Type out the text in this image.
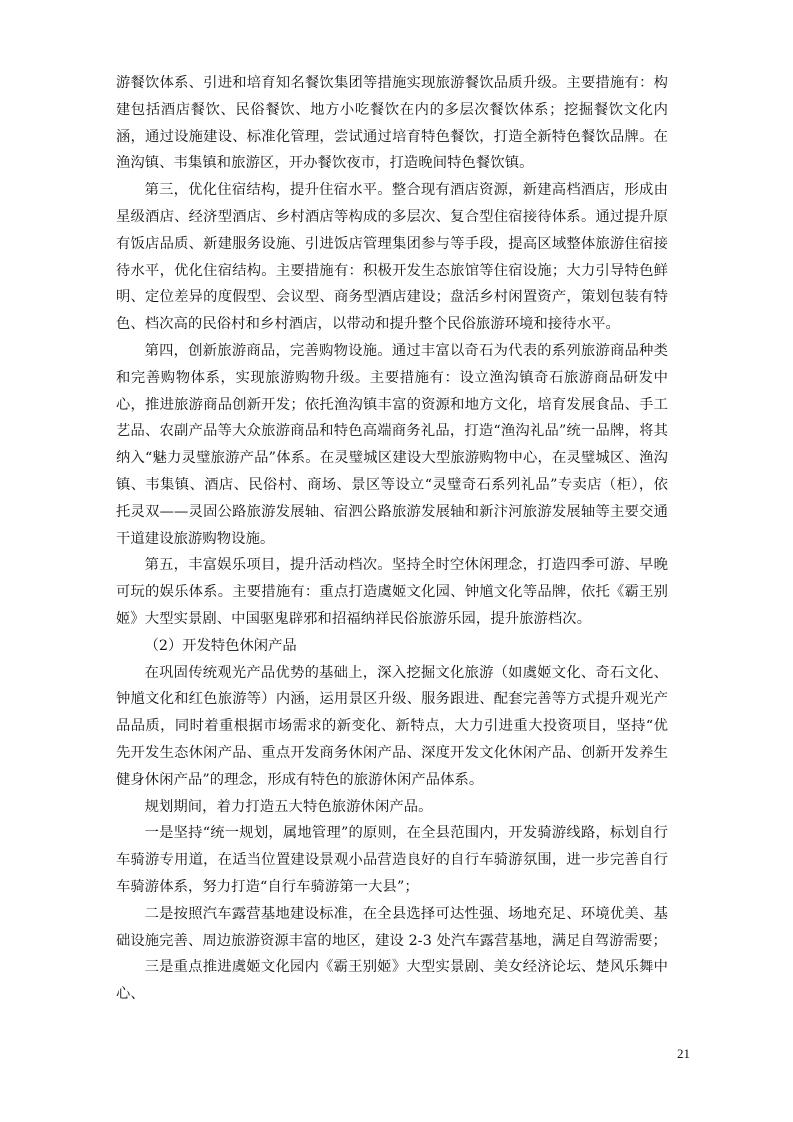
游餐饮体系、引进和培育知名餐饮集团等措施实现旅游餐饮品质升级。主要措施有：构建包括酒店餐饮、民俗餐饮、地方小吃餐饮在内的多层次餐饮体系；挖掘餐饮文化内涵，通过设施建设、标准化管理，尝试通过培育特色餐饮，打造全新特色餐饮品牌。在渔沟镇、韦集镇和旅游区，开办餐饮夜市，打造晚间特色餐饮镇。

第三，优化住宿结构，提升住宿水平。整合现有酒店资源，新建高档酒店，形成由星级酒店、经济型酒店、乡村酒店等构成的多层次、复合型住宿接待体系。通过提升原有饭店品质、新建服务设施、引进饭店管理集团参与等手段，提高区域整体旅游住宿接待水平，优化住宿结构。主要措施有：积极开发生态旅馆等住宿设施；大力引导特色鲜明、定位差异的度假型、会议型、商务型酒店建设；盘活乡村闲置资产，策划包装有特色、档次高的民俗村和乡村酒店，以带动和提升整个民俗旅游环境和接待水平。

第四，创新旅游商品，完善购物设施。通过丰富以奇石为代表的系列旅游商品种类和完善购物体系，实现旅游购物升级。主要措施有：设立渔沟镇奇石旅游商品研发中心，推进旅游商品创新开发；依托渔沟镇丰富的资源和地方文化，培育发展食品、手工艺品、农副产品等大众旅游商品和特色高端商务礼品，打造“渔沟礼品”统一品牌，将其纳入“魅力灵璧旅游产品”体系。在灵璧城区建设大型旅游购物中心，在灵璧城区、渔沟镇、韦集镇、酒店、民俗村、商场、景区等设立“灵璧奇石系列礼品”专卖店（柜），依托灵双——灵固公路旅游发展轴、宿泗公路旅游发展轴和新汴河旅游发展轴等主要交通干道建设旅游购物设施。

第五，丰富娱乐项目，提升活动档次。坚持全时空休闲理念，打造四季可游、早晚可玩的娱乐体系。主要措施有：重点打造虞姬文化园、钟馗文化等品牌，依托《霸王别姬》大型实景剧、中国驱鬼辟邪和招福纳祥民俗旅游乐园，提升旅游档次。

（2）开发特色休闲产品

在巩固传统观光产品优势的基础上，深入挖掘文化旅游（如虞姬文化、奇石文化、钟馗文化和红色旅游等）内涵，运用景区升级、服务跟进、配套完善等方式提升观光产品品质，同时着重根据市场需求的新变化、新特点，大力引进重大投资项目，坚持“优先开发生态休闲产品、重点开发商务休闲产品、深度开发文化休闲产品、创新开发养生健身休闲产品”的理念，形成有特色的旅游休闲产品体系。

规划期间，着力打造五大特色旅游休闲产品。

一是坚持“统一规划，属地管理”的原则，在全县范围内，开发骑游线路，标划自行车骑游专用道，在适当位置建设景观小品营造良好的自行车骑游氛围，进一步完善自行车骑游体系，努力打造“自行车骑游第一大县”；

二是按照汽车露营基地建设标准，在全县选择可达性强、场地充足、环境优美、基础设施完善、周边旅游资源丰富的地区，建设 2-3 处汽车露营基地，满足自驾游需要；

三是重点推进虞姬文化园内《霸王别姬》大型实景剧、美女经济论坛、楚风乐舞中心、

21
